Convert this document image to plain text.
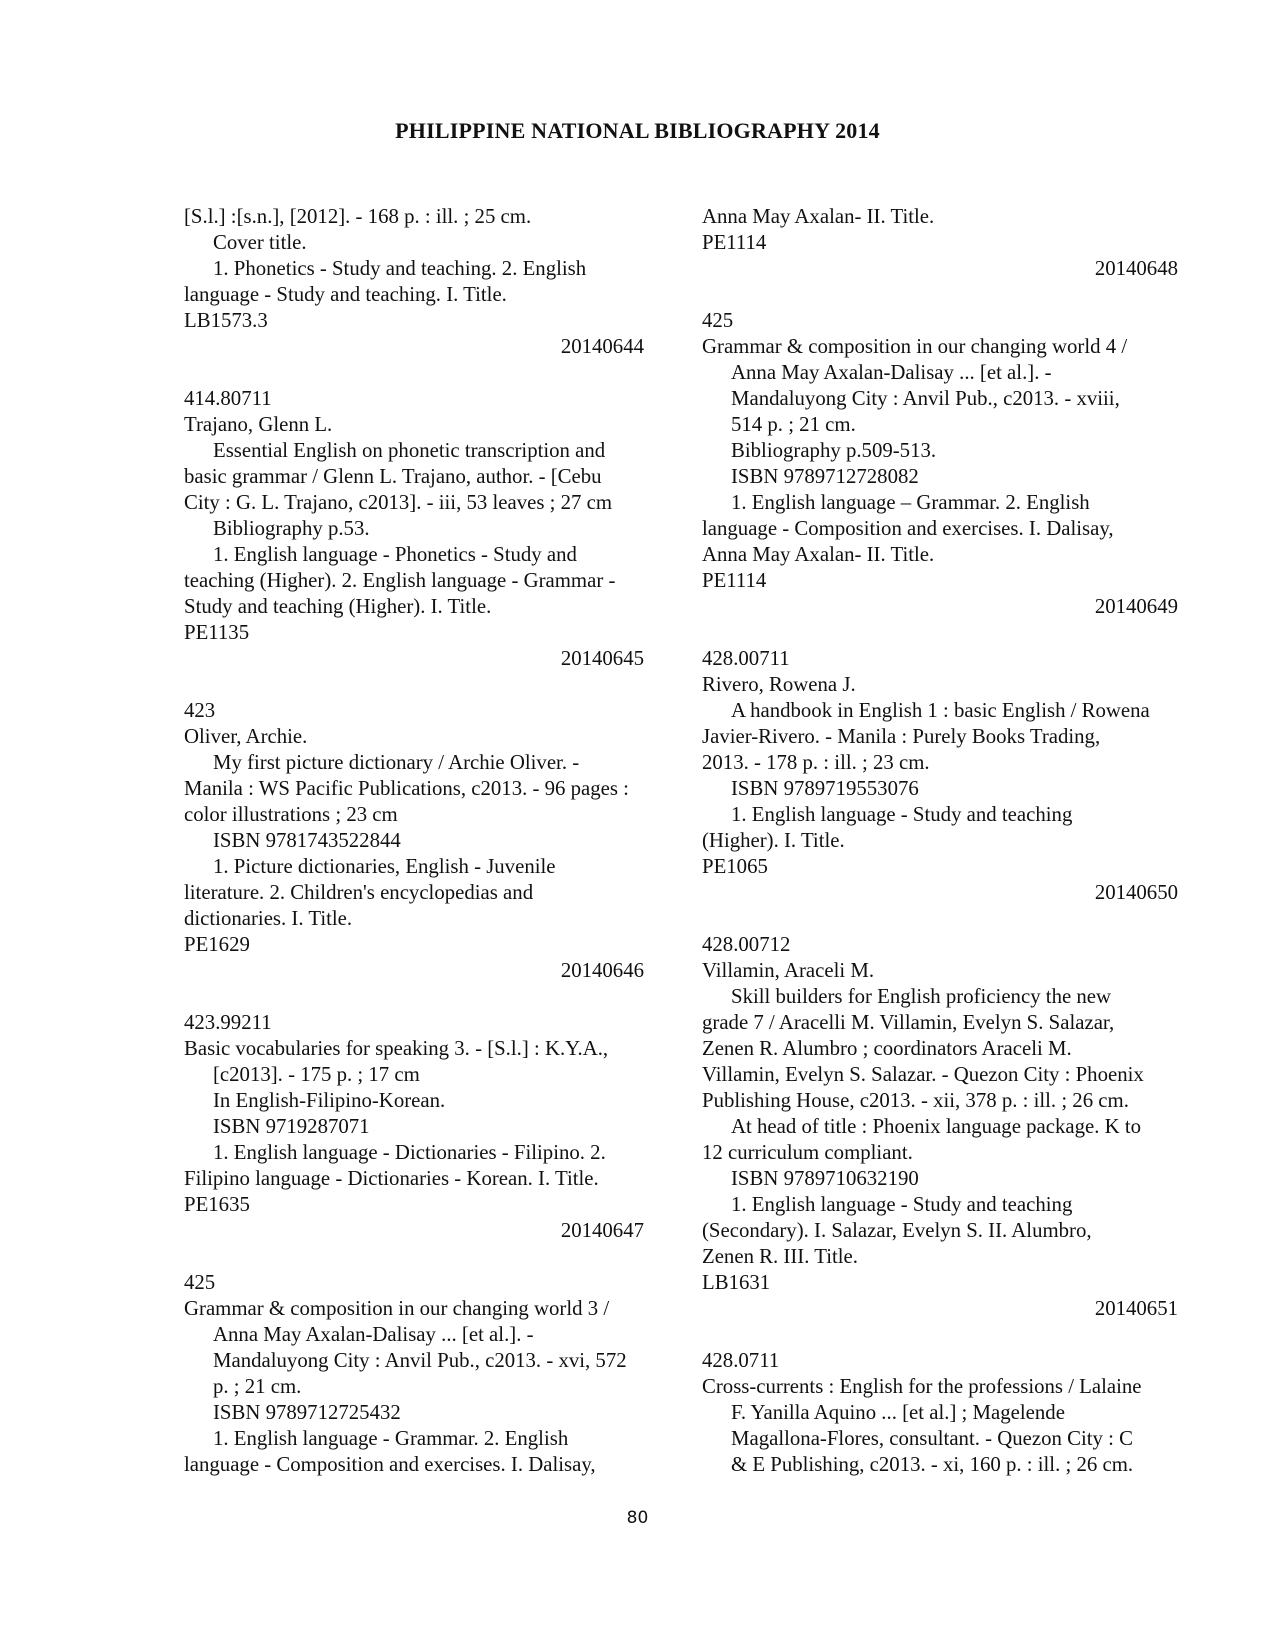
PHILIPPINE NATIONAL BIBLIOGRAPHY 2014
[S.l.] :[s.n.], [2012]. - 168 p. : ill. ; 25 cm.
Cover title.
1. Phonetics - Study and teaching. 2. English
language - Study and teaching. I. Title.
LB1573.3
20140644
414.80711
Trajano, Glenn L.
Essential English on phonetic transcription and
basic grammar / Glenn L. Trajano, author. - [Cebu
City : G. L. Trajano, c2013]. - iii, 53 leaves ; 27 cm
Bibliography p.53.
1. English language - Phonetics - Study and
teaching (Higher). 2. English language - Grammar -
Study and teaching (Higher). I. Title.
PE1135
20140645
423
Oliver, Archie.
My first picture dictionary / Archie Oliver. -
Manila : WS Pacific Publications, c2013. - 96 pages :
color illustrations ; 23 cm
ISBN 9781743522844
1. Picture dictionaries, English - Juvenile
literature. 2. Children's encyclopedias and
dictionaries. I. Title.
PE1629
20140646
423.99211
Basic vocabularies for speaking 3. - [S.l.] : K.Y.A.,
[c2013]. - 175 p. ; 17 cm
In English-Filipino-Korean.
ISBN 9719287071
1. English language - Dictionaries - Filipino. 2.
Filipino language - Dictionaries - Korean. I. Title.
PE1635
20140647
425
Grammar & composition in our changing world 3 /
Anna May Axalan-Dalisay ... [et al.]. -
Mandaluyong City : Anvil Pub., c2013. - xvi, 572
p. ; 21 cm.
ISBN 9789712725432
1. English language - Grammar. 2. English
language - Composition and exercises. I. Dalisay,
Anna May Axalan- II. Title.
PE1114
20140648
425
Grammar & composition in our changing world 4 /
Anna May Axalan-Dalisay ... [et al.]. -
Mandaluyong City : Anvil Pub., c2013. - xviii,
514 p. ; 21 cm.
Bibliography p.509-513.
ISBN 9789712728082
1. English language – Grammar. 2. English
language - Composition and exercises. I. Dalisay,
Anna May Axalan- II. Title.
PE1114
20140649
428.00711
Rivero, Rowena J.
A handbook in English 1 : basic English / Rowena
Javier-Rivero. - Manila : Purely Books Trading,
2013. - 178 p. : ill. ; 23 cm.
ISBN 9789719553076
1. English language - Study and teaching
(Higher). I. Title.
PE1065
20140650
428.00712
Villamin, Araceli M.
Skill builders for English proficiency the new
grade 7 / Aracelli M. Villamin, Evelyn S. Salazar,
Zenen R. Alumbro ; coordinators Araceli M.
Villamin, Evelyn S. Salazar. - Quezon City : Phoenix
Publishing House, c2013. - xii, 378 p. : ill. ; 26 cm.
At head of title : Phoenix language package. K to
12 curriculum compliant.
ISBN 9789710632190
1. English language - Study and teaching
(Secondary). I. Salazar, Evelyn S. II. Alumbro,
Zenen R. III. Title.
LB1631
20140651
428.0711
Cross-currents : English for the professions / Lalaine
F. Yanilla Aquino ... [et al.] ; Magelende
Magallona-Flores, consultant. - Quezon City : C
& E Publishing, c2013. - xi, 160 p. : ill. ; 26 cm.
80
